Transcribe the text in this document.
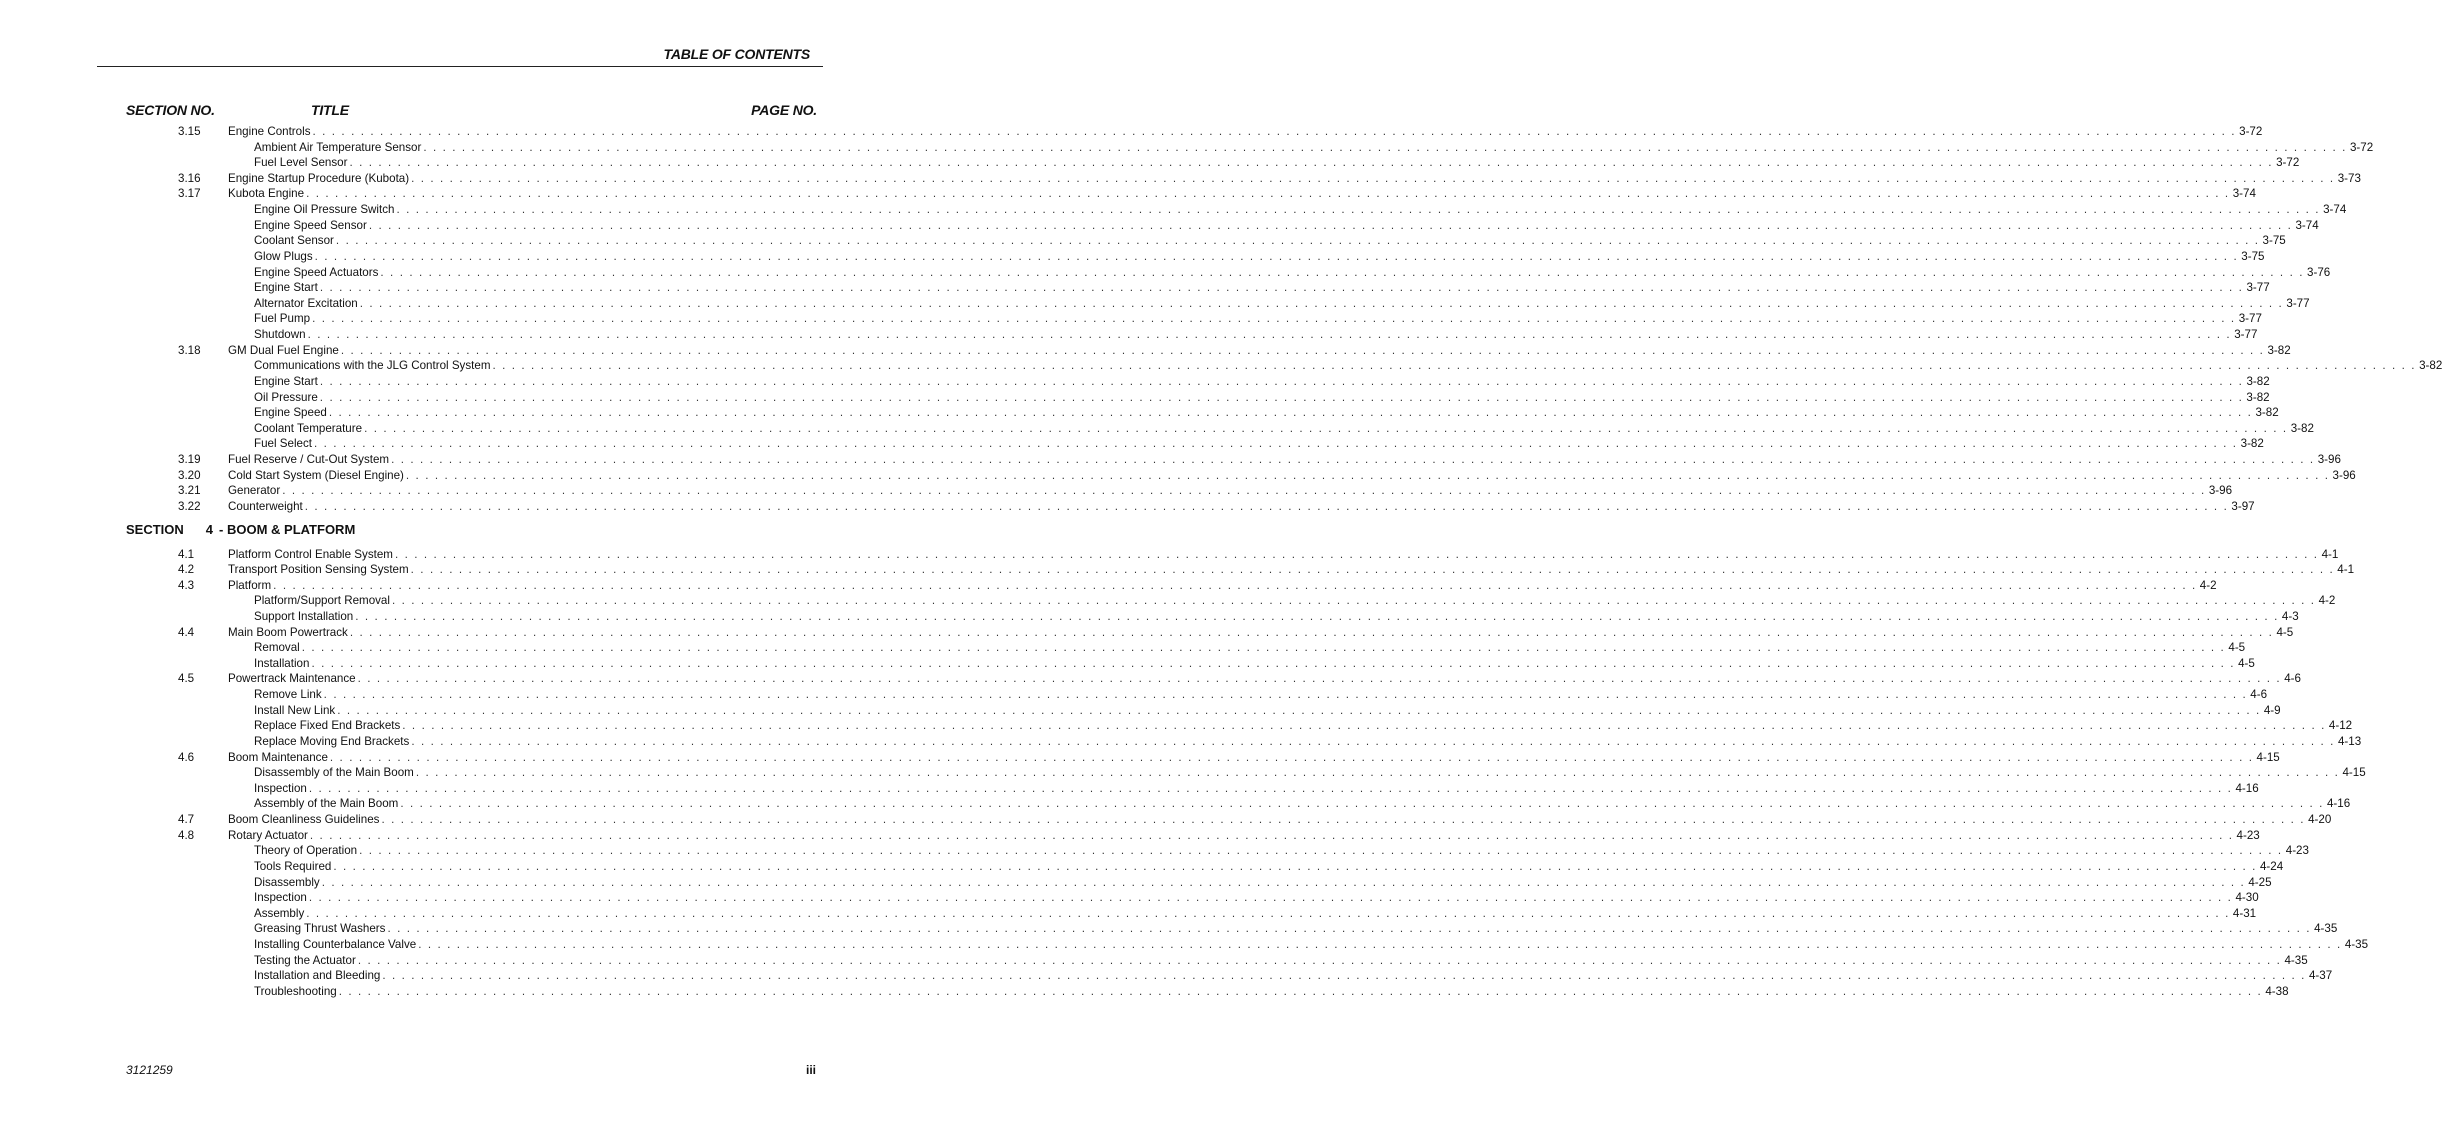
TABLE OF CONTENTS
SECTION NO.	TITLE	PAGE NO.
3.15	Engine Controls . . . . . . . . . . . . . . . . . . . . . . . . . . . . . . . . . . . . . . . . . . . . . . . . . . . . . . . . . . . . . . . . . . . . . . . . . . . . . . . . . . . . . . . . . . . . . . . . . . . . . . . . . . . . . . . . . . . . . . . . . . . . . . . . . . . . . . . . . . . . . . . . . . . . . . . . . . . . . . . . . . . . . . . . . . . . . . . . . . . . . . . . . . . . . . . . . . . . . . . . 3-72
Ambient Air Temperature Sensor . . . . . . . . . . . . . . . . . . . . . . . . . . . . . . . . . . . . . . . . . . . . . . . . . . . . . . . . . . . . . . . . . . . . . . . . . . . . . . . . . . . . . . . . . . . . . . . . . . . . . . . . . . . . . . . . . . . . . . . . . . . . . . . . . . . . . . . . . . . . . . . . . . . . . . . . . . . . . . . . . . . . . . . . . . . . . . . . . . . . . . . . . . . . . . . . . . . . . . . . 3-72
Fuel Level Sensor . . . . . . . . . . . . . . . . . . . . . . . . . . . . . . . . . . . . . . . . . . . . . . . . . . . . . . . . . . . . . . . . . . . . . . . . . . . . . . . . . . . . . . . . . . . . . . . . . . . . . . . . . . . . . . . . . . . . . . . . . . . . . . . . . . . . . . . . . . . . . . . . . . . . . . . . . . . . . . . . . . . . . . . . . . . . . . . . . . . . . . . . . . . . . . . . . . . . . . . . 3-72
3.16	Engine Startup Procedure (Kubota) . . . . . . . . . . . . . . . . . . . . . . . . . . . . . . . . . . . . . . . . . . . . . . . . . . . . . . . . . . . . . . . . . . . . . . . . . . . . . . . . . . . . . . . . . . . . . . . . . . . . . . . . . . . . . . . . . . . . . . . . . . . . . . . . . . . . . . . . . . . . . . . . . . . . . . . . . . . . . . . . . . . . . . . . . . . . . . . . . . . . . . . . . . . . . . . . . . . . . . . . 3-73
3.17	Kubota Engine . . . . . . . . . . . . . . . . . . . . . . . . . . . . . . . . . . . . . . . . . . . . . . . . . . . . . . . . . . . . . . . . . . . . . . . . . . . . . . . . . . . . . . . . . . . . . . . . . . . . . . . . . . . . . . . . . . . . . . . . . . . . . . . . . . . . . . . . . . . . . . . . . . . . . . . . . . . . . . . . . . . . . . . . . . . . . . . . . . . . . . . . . . . . . . . . . . . . . . . . 3-74
Engine Oil Pressure Switch . . . . . . . . . . . . . . . . . . . . . . . . . . . . . . . . . . . . . . . . . . . . . . . . . . . . . . . . . . . . . . . . . . . . . . . . . . . . . . . . . . . . . . . . . . . . . . . . . . . . . . . . . . . . . . . . . . . . . . . . . . . . . . . . . . . . . . . . . . . . . . . . . . . . . . . . . . . . . . . . . . . . . . . . . . . . . . . . . . . . . . . . . . . . . . . . . . . . . . . . 3-74
Engine Speed Sensor . . . . . . . . . . . . . . . . . . . . . . . . . . . . . . . . . . . . . . . . . . . . . . . . . . . . . . . . . . . . . . . . . . . . . . . . . . . . . . . . . . . . . . . . . . . . . . . . . . . . . . . . . . . . . . . . . . . . . . . . . . . . . . . . . . . . . . . . . . . . . . . . . . . . . . . . . . . . . . . . . . . . . . . . . . . . . . . . . . . . . . . . . . . . . . . . . . . . . . . . 3-74
Coolant Sensor . . . . . . . . . . . . . . . . . . . . . . . . . . . . . . . . . . . . . . . . . . . . . . . . . . . . . . . . . . . . . . . . . . . . . . . . . . . . . . . . . . . . . . . . . . . . . . . . . . . . . . . . . . . . . . . . . . . . . . . . . . . . . . . . . . . . . . . . . . . . . . . . . . . . . . . . . . . . . . . . . . . . . . . . . . . . . . . . . . . . . . . . . . . . . . . . . . . . . . . . 3-75
Glow Plugs . . . . . . . . . . . . . . . . . . . . . . . . . . . . . . . . . . . . . . . . . . . . . . . . . . . . . . . . . . . . . . . . . . . . . . . . . . . . . . . . . . . . . . . . . . . . . . . . . . . . . . . . . . . . . . . . . . . . . . . . . . . . . . . . . . . . . . . . . . . . . . . . . . . . . . . . . . . . . . . . . . . . . . . . . . . . . . . . . . . . . . . . . . . . . . . . . . . . . . . . 3-75
Engine Speed Actuators . . . . . . . . . . . . . . . . . . . . . . . . . . . . . . . . . . . . . . . . . . . . . . . . . . . . . . . . . . . . . . . . . . . . . . . . . . . . . . . . . . . . . . . . . . . . . . . . . . . . . . . . . . . . . . . . . . . . . . . . . . . . . . . . . . . . . . . . . . . . . . . . . . . . . . . . . . . . . . . . . . . . . . . . . . . . . . . . . . . . . . . . . . . . . . . . . . . . . . . . 3-76
Engine Start . . . . . . . . . . . . . . . . . . . . . . . . . . . . . . . . . . . . . . . . . . . . . . . . . . . . . . . . . . . . . . . . . . . . . . . . . . . . . . . . . . . . . . . . . . . . . . . . . . . . . . . . . . . . . . . . . . . . . . . . . . . . . . . . . . . . . . . . . . . . . . . . . . . . . . . . . . . . . . . . . . . . . . . . . . . . . . . . . . . . . . . . . . . . . . . . . . . . . . . . 3-77
Alternator Excitation . . . . . . . . . . . . . . . . . . . . . . . . . . . . . . . . . . . . . . . . . . . . . . . . . . . . . . . . . . . . . . . . . . . . . . . . . . . . . . . . . . . . . . . . . . . . . . . . . . . . . . . . . . . . . . . . . . . . . . . . . . . . . . . . . . . . . . . . . . . . . . . . . . . . . . . . . . . . . . . . . . . . . . . . . . . . . . . . . . . . . . . . . . . . . . . . . . . . . . . . 3-77
Fuel Pump . . . . . . . . . . . . . . . . . . . . . . . . . . . . . . . . . . . . . . . . . . . . . . . . . . . . . . . . . . . . . . . . . . . . . . . . . . . . . . . . . . . . . . . . . . . . . . . . . . . . . . . . . . . . . . . . . . . . . . . . . . . . . . . . . . . . . . . . . . . . . . . . . . . . . . . . . . . . . . . . . . . . . . . . . . . . . . . . . . . . . . . . . . . . . . . . . . . . . . . . 3-77
Shutdown . . . . . . . . . . . . . . . . . . . . . . . . . . . . . . . . . . . . . . . . . . . . . . . . . . . . . . . . . . . . . . . . . . . . . . . . . . . . . . . . . . . . . . . . . . . . . . . . . . . . . . . . . . . . . . . . . . . . . . . . . . . . . . . . . . . . . . . . . . . . . . . . . . . . . . . . . . . . . . . . . . . . . . . . . . . . . . . . . . . . . . . . . . . . . . . . . . . . . . . . 3-77
3.18	GM Dual Fuel Engine . . . . . . . . . . . . . . . . . . . . . . . . . . . . . . . . . . . . . . . . . . . . . . . . . . . . . . . . . . . . . . . . . . . . . . . . . . . . . . . . . . . . . . . . . . . . . . . . . . . . . . . . . . . . . . . . . . . . . . . . . . . . . . . . . . . . . . . . . . . . . . . . . . . . . . . . . . . . . . . . . . . . . . . . . . . . . . . . . . . . . . . . . . . . . . . . . . . . . . . . 3-82
Communications with the JLG Control System . . . . . . . . . . . . . . . . . . . . . . . . . . . . . . . . . . . . . . . . . . . . . . . . . . . . . . . . . . . . . . . . . . . . . . . . . . . . . . . . . . . . . . . . . . . . . . . . . . . . . . . . . . . . . . . . . . . . . . . . . . . . . . . . . . . . . . . . . . . . . . . . . . . . . . . . . . . . . . . . . . . . . . . . . . . . . . . . . . . . . . . . . . . . . . . . . . . . . . . . 3-82
Engine Start . . . . . . . . . . . . . . . . . . . . . . . . . . . . . . . . . . . . . . . . . . . . . . . . . . . . . . . . . . . . . . . . . . . . . . . . . . . . . . . . . . . . . . . . . . . . . . . . . . . . . . . . . . . . . . . . . . . . . . . . . . . . . . . . . . . . . . . . . . . . . . . . . . . . . . . . . . . . . . . . . . . . . . . . . . . . . . . . . . . . . . . . . . . . . . . . . . . . . . . . 3-82
Oil Pressure . . . . . . . . . . . . . . . . . . . . . . . . . . . . . . . . . . . . . . . . . . . . . . . . . . . . . . . . . . . . . . . . . . . . . . . . . . . . . . . . . . . . . . . . . . . . . . . . . . . . . . . . . . . . . . . . . . . . . . . . . . . . . . . . . . . . . . . . . . . . . . . . . . . . . . . . . . . . . . . . . . . . . . . . . . . . . . . . . . . . . . . . . . . . . . . . . . . . . . . . 3-82
Engine Speed . . . . . . . . . . . . . . . . . . . . . . . . . . . . . . . . . . . . . . . . . . . . . . . . . . . . . . . . . . . . . . . . . . . . . . . . . . . . . . . . . . . . . . . . . . . . . . . . . . . . . . . . . . . . . . . . . . . . . . . . . . . . . . . . . . . . . . . . . . . . . . . . . . . . . . . . . . . . . . . . . . . . . . . . . . . . . . . . . . . . . . . . . . . . . . . . . . . . . . . . 3-82
Coolant Temperature . . . . . . . . . . . . . . . . . . . . . . . . . . . . . . . . . . . . . . . . . . . . . . . . . . . . . . . . . . . . . . . . . . . . . . . . . . . . . . . . . . . . . . . . . . . . . . . . . . . . . . . . . . . . . . . . . . . . . . . . . . . . . . . . . . . . . . . . . . . . . . . . . . . . . . . . . . . . . . . . . . . . . . . . . . . . . . . . . . . . . . . . . . . . . . . . . . . . . . . . 3-82
Fuel Select . . . . . . . . . . . . . . . . . . . . . . . . . . . . . . . . . . . . . . . . . . . . . . . . . . . . . . . . . . . . . . . . . . . . . . . . . . . . . . . . . . . . . . . . . . . . . . . . . . . . . . . . . . . . . . . . . . . . . . . . . . . . . . . . . . . . . . . . . . . . . . . . . . . . . . . . . . . . . . . . . . . . . . . . . . . . . . . . . . . . . . . . . . . . . . . . . . . . . . . . 3-82
3.19	Fuel Reserve / Cut-Out System . . . . . . . . . . . . . . . . . . . . . . . . . . . . . . . . . . . . . . . . . . . . . . . . . . . . . . . . . . . . . . . . . . . . . . . . . . . . . . . . . . . . . . . . . . . . . . . . . . . . . . . . . . . . . . . . . . . . . . . . . . . . . . . . . . . . . . . . . . . . . . . . . . . . . . . . . . . . . . . . . . . . . . . . . . . . . . . . . . . . . . . . . . . . . . . . . . . . . . . . 3-96
3.20	Cold Start System (Diesel Engine) . . . . . . . . . . . . . . . . . . . . . . . . . . . . . . . . . . . . . . . . . . . . . . . . . . . . . . . . . . . . . . . . . . . . . . . . . . . . . . . . . . . . . . . . . . . . . . . . . . . . . . . . . . . . . . . . . . . . . . . . . . . . . . . . . . . . . . . . . . . . . . . . . . . . . . . . . . . . . . . . . . . . . . . . . . . . . . . . . . . . . . . . . . . . . . . . . . . . . . . . 3-96
3.21	Generator . . . . . . . . . . . . . . . . . . . . . . . . . . . . . . . . . . . . . . . . . . . . . . . . . . . . . . . . . . . . . . . . . . . . . . . . . . . . . . . . . . . . . . . . . . . . . . . . . . . . . . . . . . . . . . . . . . . . . . . . . . . . . . . . . . . . . . . . . . . . . . . . . . . . . . . . . . . . . . . . . . . . . . . . . . . . . . . . . . . . . . . . . . . . . . . . . . . . . . . . 3-96
3.22	Counterweight . . . . . . . . . . . . . . . . . . . . . . . . . . . . . . . . . . . . . . . . . . . . . . . . . . . . . . . . . . . . . . . . . . . . . . . . . . . . . . . . . . . . . . . . . . . . . . . . . . . . . . . . . . . . . . . . . . . . . . . . . . . . . . . . . . . . . . . . . . . . . . . . . . . . . . . . . . . . . . . . . . . . . . . . . . . . . . . . . . . . . . . . . . . . . . . . . . . . . . . . 3-97
SECTION 4 - BOOM & PLATFORM
4.1	Platform Control Enable System . . . . . . . . . . . . . . . . . . . . . . . . . . . . . . . . . . . . . . . . . . . . . . . . . . . . . . . . . . . . . . . . . . . . . . . . . . . . . . . . . . . . . . . . . . . . . . . . . . . . . . . . . . . . . . . . . . . . . . . . . . . . . . . . . . . . . . . . . . . . . . . . . . . . . . . . . . . . . . . . . . . . . . . . . . . . . . . . . . . . . . . . . . . . . . . . . . . . . . . . 4-1
4.2	Transport Position Sensing System . . . . . . . . . . . . . . . . . . . . . . . . . . . . . . . . . . . . . . . . . . . . . . . . . . . . . . . . . . . . . . . . . . . . . . . . . . . . . . . . . . . . . . . . . . . . . . . . . . . . . . . . . . . . . . . . . . . . . . . . . . . . . . . . . . . . . . . . . . . . . . . . . . . . . . . . . . . . . . . . . . . . . . . . . . . . . . . . . . . . . . . . . . . . . . . . . . . . . . . . 4-1
4.3	Platform . . . . . . . . . . . . . . . . . . . . . . . . . . . . . . . . . . . . . . . . . . . . . . . . . . . . . . . . . . . . . . . . . . . . . . . . . . . . . . . . . . . . . . . . . . . . . . . . . . . . . . . . . . . . . . . . . . . . . . . . . . . . . . . . . . . . . . . . . . . . . . . . . . . . . . . . . . . . . . . . . . . . . . . . . . . . . . . . . . . . . . . . . . . . . . . . . . . . . . . . 4-2
Platform/Support Removal . . . . . . . . . . . . . . . . . . . . . . . . . . . . . . . . . . . . . . . . . . . . . . . . . . . . . . . . . . . . . . . . . . . . . . . . . . . . . . . . . . . . . . . . . . . . . . . . . . . . . . . . . . . . . . . . . . . . . . . . . . . . . . . . . . . . . . . . . . . . . . . . . . . . . . . . . . . . . . . . . . . . . . . . . . . . . . . . . . . . . . . . . . . . . . . . . . . . . . . . 4-2
Support Installation . . . . . . . . . . . . . . . . . . . . . . . . . . . . . . . . . . . . . . . . . . . . . . . . . . . . . . . . . . . . . . . . . . . . . . . . . . . . . . . . . . . . . . . . . . . . . . . . . . . . . . . . . . . . . . . . . . . . . . . . . . . . . . . . . . . . . . . . . . . . . . . . . . . . . . . . . . . . . . . . . . . . . . . . . . . . . . . . . . . . . . . . . . . . . . . . . . . . . . . . 4-3
4.4	Main Boom Powertrack . . . . . . . . . . . . . . . . . . . . . . . . . . . . . . . . . . . . . . . . . . . . . . . . . . . . . . . . . . . . . . . . . . . . . . . . . . . . . . . . . . . . . . . . . . . . . . . . . . . . . . . . . . . . . . . . . . . . . . . . . . . . . . . . . . . . . . . . . . . . . . . . . . . . . . . . . . . . . . . . . . . . . . . . . . . . . . . . . . . . . . . . . . . . . . . . . . . . . . . . 4-5
Removal . . . . . . . . . . . . . . . . . . . . . . . . . . . . . . . . . . . . . . . . . . . . . . . . . . . . . . . . . . . . . . . . . . . . . . . . . . . . . . . . . . . . . . . . . . . . . . . . . . . . . . . . . . . . . . . . . . . . . . . . . . . . . . . . . . . . . . . . . . . . . . . . . . . . . . . . . . . . . . . . . . . . . . . . . . . . . . . . . . . . . . . . . . . . . . . . . . . . . . . . 4-5
Installation . . . . . . . . . . . . . . . . . . . . . . . . . . . . . . . . . . . . . . . . . . . . . . . . . . . . . . . . . . . . . . . . . . . . . . . . . . . . . . . . . . . . . . . . . . . . . . . . . . . . . . . . . . . . . . . . . . . . . . . . . . . . . . . . . . . . . . . . . . . . . . . . . . . . . . . . . . . . . . . . . . . . . . . . . . . . . . . . . . . . . . . . . . . . . . . . . . . . . . . . 4-5
4.5	Powertrack Maintenance . . . . . . . . . . . . . . . . . . . . . . . . . . . . . . . . . . . . . . . . . . . . . . . . . . . . . . . . . . . . . . . . . . . . . . . . . . . . . . . . . . . . . . . . . . . . . . . . . . . . . . . . . . . . . . . . . . . . . . . . . . . . . . . . . . . . . . . . . . . . . . . . . . . . . . . . . . . . . . . . . . . . . . . . . . . . . . . . . . . . . . . . . . . . . . . . . . . . . . . . 4-6
Remove Link . . . . . . . . . . . . . . . . . . . . . . . . . . . . . . . . . . . . . . . . . . . . . . . . . . . . . . . . . . . . . . . . . . . . . . . . . . . . . . . . . . . . . . . . . . . . . . . . . . . . . . . . . . . . . . . . . . . . . . . . . . . . . . . . . . . . . . . . . . . . . . . . . . . . . . . . . . . . . . . . . . . . . . . . . . . . . . . . . . . . . . . . . . . . . . . . . . . . . . . . 4-6
Install New Link . . . . . . . . . . . . . . . . . . . . . . . . . . . . . . . . . . . . . . . . . . . . . . . . . . . . . . . . . . . . . . . . . . . . . . . . . . . . . . . . . . . . . . . . . . . . . . . . . . . . . . . . . . . . . . . . . . . . . . . . . . . . . . . . . . . . . . . . . . . . . . . . . . . . . . . . . . . . . . . . . . . . . . . . . . . . . . . . . . . . . . . . . . . . . . . . . . . . . . . . 4-9
Replace Fixed End Brackets . . . . . . . . . . . . . . . . . . . . . . . . . . . . . . . . . . . . . . . . . . . . . . . . . . . . . . . . . . . . . . . . . . . . . . . . . . . . . . . . . . . . . . . . . . . . . . . . . . . . . . . . . . . . . . . . . . . . . . . . . . . . . . . . . . . . . . . . . . . . . . . . . . . . . . . . . . . . . . . . . . . . . . . . . . . . . . . . . . . . . . . . . . . . . . . . . . . . . . . . 4-12
Replace Moving End Brackets . . . . . . . . . . . . . . . . . . . . . . . . . . . . . . . . . . . . . . . . . . . . . . . . . . . . . . . . . . . . . . . . . . . . . . . . . . . . . . . . . . . . . . . . . . . . . . . . . . . . . . . . . . . . . . . . . . . . . . . . . . . . . . . . . . . . . . . . . . . . . . . . . . . . . . . . . . . . . . . . . . . . . . . . . . . . . . . . . . . . . . . . . . . . . . . . . . . . . . . . 4-13
4.6	Boom Maintenance . . . . . . . . . . . . . . . . . . . . . . . . . . . . . . . . . . . . . . . . . . . . . . . . . . . . . . . . . . . . . . . . . . . . . . . . . . . . . . . . . . . . . . . . . . . . . . . . . . . . . . . . . . . . . . . . . . . . . . . . . . . . . . . . . . . . . . . . . . . . . . . . . . . . . . . . . . . . . . . . . . . . . . . . . . . . . . . . . . . . . . . . . . . . . . . . . . . . . . . . 4-15
Disassembly of the Main Boom . . . . . . . . . . . . . . . . . . . . . . . . . . . . . . . . . . . . . . . . . . . . . . . . . . . . . . . . . . . . . . . . . . . . . . . . . . . . . . . . . . . . . . . . . . . . . . . . . . . . . . . . . . . . . . . . . . . . . . . . . . . . . . . . . . . . . . . . . . . . . . . . . . . . . . . . . . . . . . . . . . . . . . . . . . . . . . . . . . . . . . . . . . . . . . . . . . . . . . . . 4-15
Inspection . . . . . . . . . . . . . . . . . . . . . . . . . . . . . . . . . . . . . . . . . . . . . . . . . . . . . . . . . . . . . . . . . . . . . . . . . . . . . . . . . . . . . . . . . . . . . . . . . . . . . . . . . . . . . . . . . . . . . . . . . . . . . . . . . . . . . . . . . . . . . . . . . . . . . . . . . . . . . . . . . . . . . . . . . . . . . . . . . . . . . . . . . . . . . . . . . . . . . . . . 4-16
Assembly of the Main Boom . . . . . . . . . . . . . . . . . . . . . . . . . . . . . . . . . . . . . . . . . . . . . . . . . . . . . . . . . . . . . . . . . . . . . . . . . . . . . . . . . . . . . . . . . . . . . . . . . . . . . . . . . . . . . . . . . . . . . . . . . . . . . . . . . . . . . . . . . . . . . . . . . . . . . . . . . . . . . . . . . . . . . . . . . . . . . . . . . . . . . . . . . . . . . . . . . . . . . . . . 4-16
4.7	Boom Cleanliness Guidelines . . . . . . . . . . . . . . . . . . . . . . . . . . . . . . . . . . . . . . . . . . . . . . . . . . . . . . . . . . . . . . . . . . . . . . . . . . . . . . . . . . . . . . . . . . . . . . . . . . . . . . . . . . . . . . . . . . . . . . . . . . . . . . . . . . . . . . . . . . . . . . . . . . . . . . . . . . . . . . . . . . . . . . . . . . . . . . . . . . . . . . . . . . . . . . . . . . . . . . . . 4-20
4.8	Rotary Actuator . . . . . . . . . . . . . . . . . . . . . . . . . . . . . . . . . . . . . . . . . . . . . . . . . . . . . . . . . . . . . . . . . . . . . . . . . . . . . . . . . . . . . . . . . . . . . . . . . . . . . . . . . . . . . . . . . . . . . . . . . . . . . . . . . . . . . . . . . . . . . . . . . . . . . . . . . . . . . . . . . . . . . . . . . . . . . . . . . . . . . . . . . . . . . . . . . . . . . . . . 4-23
Theory of Operation . . . . . . . . . . . . . . . . . . . . . . . . . . . . . . . . . . . . . . . . . . . . . . . . . . . . . . . . . . . . . . . . . . . . . . . . . . . . . . . . . . . . . . . . . . . . . . . . . . . . . . . . . . . . . . . . . . . . . . . . . . . . . . . . . . . . . . . . . . . . . . . . . . . . . . . . . . . . . . . . . . . . . . . . . . . . . . . . . . . . . . . . . . . . . . . . . . . . . . . . 4-23
Tools Required . . . . . . . . . . . . . . . . . . . . . . . . . . . . . . . . . . . . . . . . . . . . . . . . . . . . . . . . . . . . . . . . . . . . . . . . . . . . . . . . . . . . . . . . . . . . . . . . . . . . . . . . . . . . . . . . . . . . . . . . . . . . . . . . . . . . . . . . . . . . . . . . . . . . . . . . . . . . . . . . . . . . . . . . . . . . . . . . . . . . . . . . . . . . . . . . . . . . . . . . 4-24
Disassembly . . . . . . . . . . . . . . . . . . . . . . . . . . . . . . . . . . . . . . . . . . . . . . . . . . . . . . . . . . . . . . . . . . . . . . . . . . . . . . . . . . . . . . . . . . . . . . . . . . . . . . . . . . . . . . . . . . . . . . . . . . . . . . . . . . . . . . . . . . . . . . . . . . . . . . . . . . . . . . . . . . . . . . . . . . . . . . . . . . . . . . . . . . . . . . . . . . . . . . . . 4-25
Inspection . . . . . . . . . . . . . . . . . . . . . . . . . . . . . . . . . . . . . . . . . . . . . . . . . . . . . . . . . . . . . . . . . . . . . . . . . . . . . . . . . . . . . . . . . . . . . . . . . . . . . . . . . . . . . . . . . . . . . . . . . . . . . . . . . . . . . . . . . . . . . . . . . . . . . . . . . . . . . . . . . . . . . . . . . . . . . . . . . . . . . . . . . . . . . . . . . . . . . . . . 4-30
Assembly . . . . . . . . . . . . . . . . . . . . . . . . . . . . . . . . . . . . . . . . . . . . . . . . . . . . . . . . . . . . . . . . . . . . . . . . . . . . . . . . . . . . . . . . . . . . . . . . . . . . . . . . . . . . . . . . . . . . . . . . . . . . . . . . . . . . . . . . . . . . . . . . . . . . . . . . . . . . . . . . . . . . . . . . . . . . . . . . . . . . . . . . . . . . . . . . . . . . . . . . 4-31
Greasing Thrust Washers . . . . . . . . . . . . . . . . . . . . . . . . . . . . . . . . . . . . . . . . . . . . . . . . . . . . . . . . . . . . . . . . . . . . . . . . . . . . . . . . . . . . . . . . . . . . . . . . . . . . . . . . . . . . . . . . . . . . . . . . . . . . . . . . . . . . . . . . . . . . . . . . . . . . . . . . . . . . . . . . . . . . . . . . . . . . . . . . . . . . . . . . . . . . . . . . . . . . . . . . 4-35
Installing Counterbalance Valve . . . . . . . . . . . . . . . . . . . . . . . . . . . . . . . . . . . . . . . . . . . . . . . . . . . . . . . . . . . . . . . . . . . . . . . . . . . . . . . . . . . . . . . . . . . . . . . . . . . . . . . . . . . . . . . . . . . . . . . . . . . . . . . . . . . . . . . . . . . . . . . . . . . . . . . . . . . . . . . . . . . . . . . . . . . . . . . . . . . . . . . . . . . . . . . . . . . . . . . . 4-35
Testing the Actuator . . . . . . . . . . . . . . . . . . . . . . . . . . . . . . . . . . . . . . . . . . . . . . . . . . . . . . . . . . . . . . . . . . . . . . . . . . . . . . . . . . . . . . . . . . . . . . . . . . . . . . . . . . . . . . . . . . . . . . . . . . . . . . . . . . . . . . . . . . . . . . . . . . . . . . . . . . . . . . . . . . . . . . . . . . . . . . . . . . . . . . . . . . . . . . . . . . . . . . . . 4-35
Installation and Bleeding . . . . . . . . . . . . . . . . . . . . . . . . . . . . . . . . . . . . . . . . . . . . . . . . . . . . . . . . . . . . . . . . . . . . . . . . . . . . . . . . . . . . . . . . . . . . . . . . . . . . . . . . . . . . . . . . . . . . . . . . . . . . . . . . . . . . . . . . . . . . . . . . . . . . . . . . . . . . . . . . . . . . . . . . . . . . . . . . . . . . . . . . . . . . . . . . . . . . . . . . 4-37
Troubleshooting . . . . . . . . . . . . . . . . . . . . . . . . . . . . . . . . . . . . . . . . . . . . . . . . . . . . . . . . . . . . . . . . . . . . . . . . . . . . . . . . . . . . . . . . . . . . . . . . . . . . . . . . . . . . . . . . . . . . . . . . . . . . . . . . . . . . . . . . . . . . . . . . . . . . . . . . . . . . . . . . . . . . . . . . . . . . . . . . . . . . . . . . . . . . . . . . . . . . . . . . 4-38
3121259	iii
